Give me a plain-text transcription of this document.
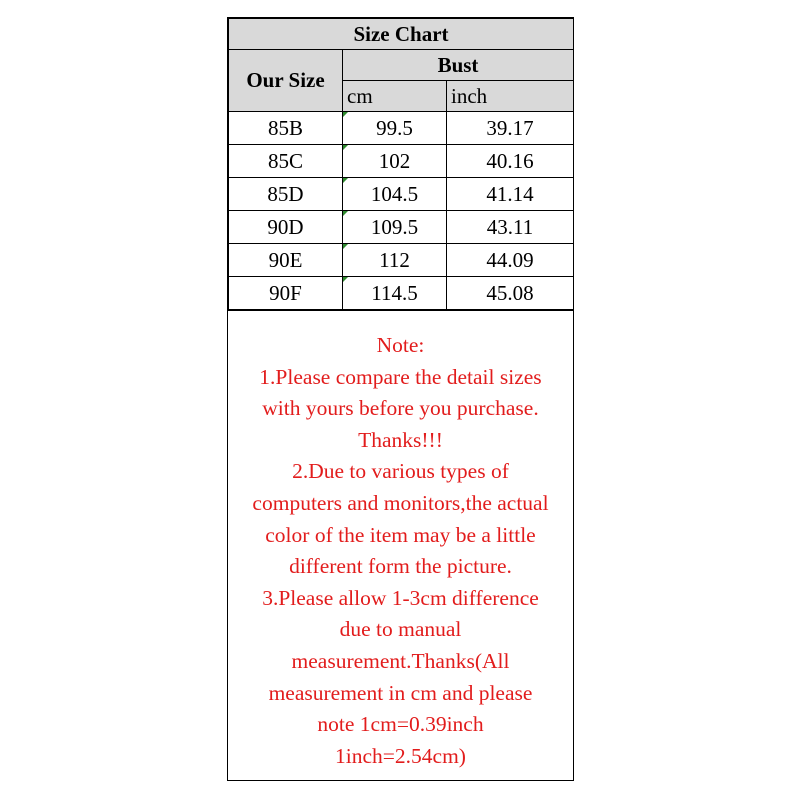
Size Chart		
Our Size	Bust	
	cm	inch
85B	99.5	39.17
85C	102	40.16
85D	104.5	41.14
90D	109.5	43.11
90E	112	44.09
90F	114.5	45.08
Note:
1.Please compare the detail sizes
with yours before you purchase.
Thanks!!!
2.Due to various types of
computers and monitors,the actual
color of the item may be a little
different form the picture.
3.Please allow 1-3cm difference
due to manual
measurement.Thanks(All
measurement in cm and please
note 1cm=0.39inch
1inch=2.54cm)
